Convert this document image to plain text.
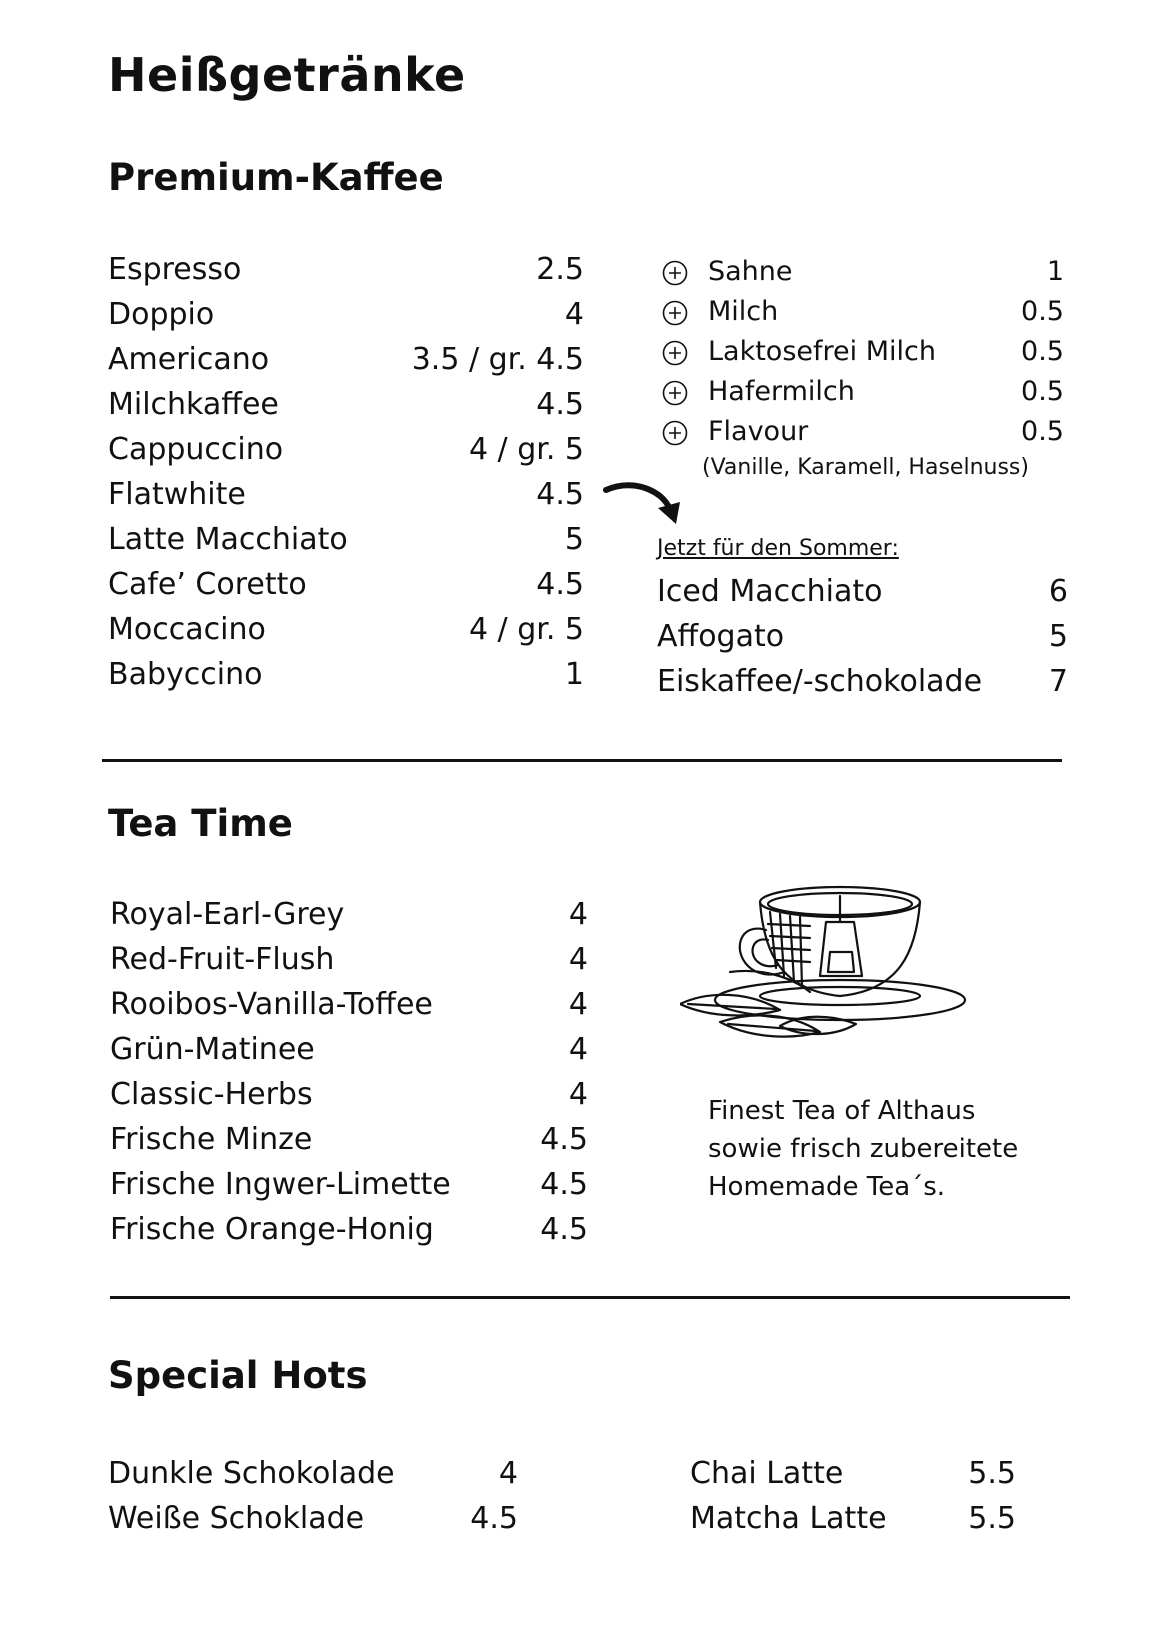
Heißgetränke
Premium-Kaffee
Espresso	2.5
Doppio	4
Americano	3.5 / gr. 4.5
Milchkaffee	4.5
Cappuccino	4 / gr. 5
Flatwhite	4.5
Latte Macchiato	5
Cafe’ Coretto	4.5
Moccacino	4 / gr. 5
Babyccino	1
Sahne	1
Milch	0.5
Laktosefrei Milch	0.5
Hafermilch	0.5
Flavour	0.5
(Vanille, Karamell, Haselnuss)
Jetzt für den Sommer:
Iced Macchiato	6
Affogato	5
Eiskaffee/-schokolade 7
Tea Time
Royal-Earl-Grey	4
Red-Fruit-Flush	4
Rooibos-Vanilla-Toffee	4
Grün-Matinee	4
Classic-Herbs	4
Frische Minze	4.5
Frische Ingwer-Limette	4.5
Frische Orange-Honig	4.5
Finest Tea of Althaus
sowie frisch zubereitete
Homemade Tea´s.
Special Hots
Dunkle Schokolade	4
Weiße Schoklade	4.5
Chai Latte	5.5
Matcha Latte	5.5
